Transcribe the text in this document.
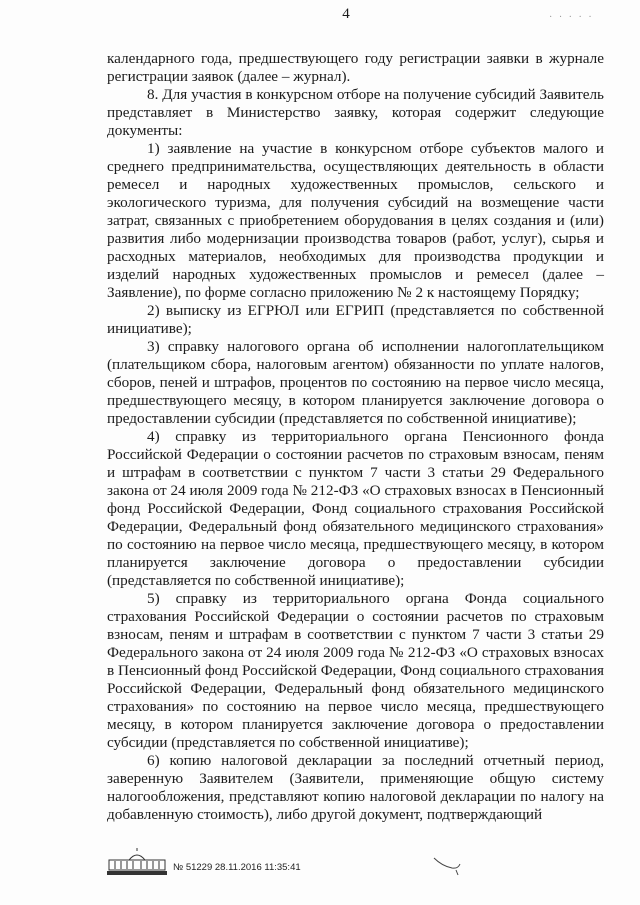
4	· · · · ·

календарного года, предшествующего году регистрации заявки в журнале регистрации заявок (далее – журнал).

8. Для участия в конкурсном отборе на получение субсидий Заявитель представляет в Министерство заявку, которая содержит следующие документы:

1) заявление на участие в конкурсном отборе субъектов малого и среднего предпринимательства, осуществляющих деятельность в области ремесел и народных художественных промыслов, сельского и экологического туризма, для получения субсидий на возмещение части затрат, связанных с приобретением оборудования в целях создания и (или) развития либо модернизации производства товаров (работ, услуг), сырья и расходных материалов, необходимых для производства продукции и изделий народных художественных промыслов и ремесел (далее – Заявление), по форме согласно приложению № 2 к настоящему Порядку;

2) выписку из ЕГРЮЛ или ЕГРИП (представляется по собственной инициативе);

3) справку налогового органа об исполнении налогоплательщиком (плательщиком сбора, налоговым агентом) обязанности по уплате налогов, сборов, пеней и штрафов, процентов по состоянию на первое число месяца, предшествующего месяцу, в котором планируется заключение договора о предоставлении субсидии (представляется по собственной инициативе);

4) справку из территориального органа Пенсионного фонда Российской Федерации о состоянии расчетов по страховым взносам, пеням и штрафам в соответствии с пунктом 7 части 3 статьи 29 Федерального закона от 24 июля 2009 года № 212-ФЗ «О страховых взносах в Пенсионный фонд Российской Федерации, Фонд социального страхования Российской Федерации, Федеральный фонд обязательного медицинского страхования» по состоянию на первое число месяца, предшествующего месяцу, в котором планируется заключение договора о предоставлении субсидии (представляется по собственной инициативе);

5) справку из территориального органа Фонда социального страхования Российской Федерации о состоянии расчетов по страховым взносам, пеням и штрафам в соответствии с пунктом 7 части 3 статьи 29 Федерального закона от 24 июля 2009 года № 212-ФЗ «О страховых взносах в Пенсионный фонд Российской Федерации, Фонд социального страхования Российской Федерации, Федеральный фонд обязательного медицинского страхования» по состоянию на первое число месяца, предшествующего месяцу, в котором планируется заключение договора о предоставлении субсидии (представляется по собственной инициативе);

6) копию налоговой декларации за последний отчетный период, заверенную Заявителем (Заявители, применяющие общую систему налогообложения, представляют копию налоговой декларации по налогу на добавленную стоимость), либо другой документ, подтверждающий

№ 51229 28.11.2016 11:35:41
